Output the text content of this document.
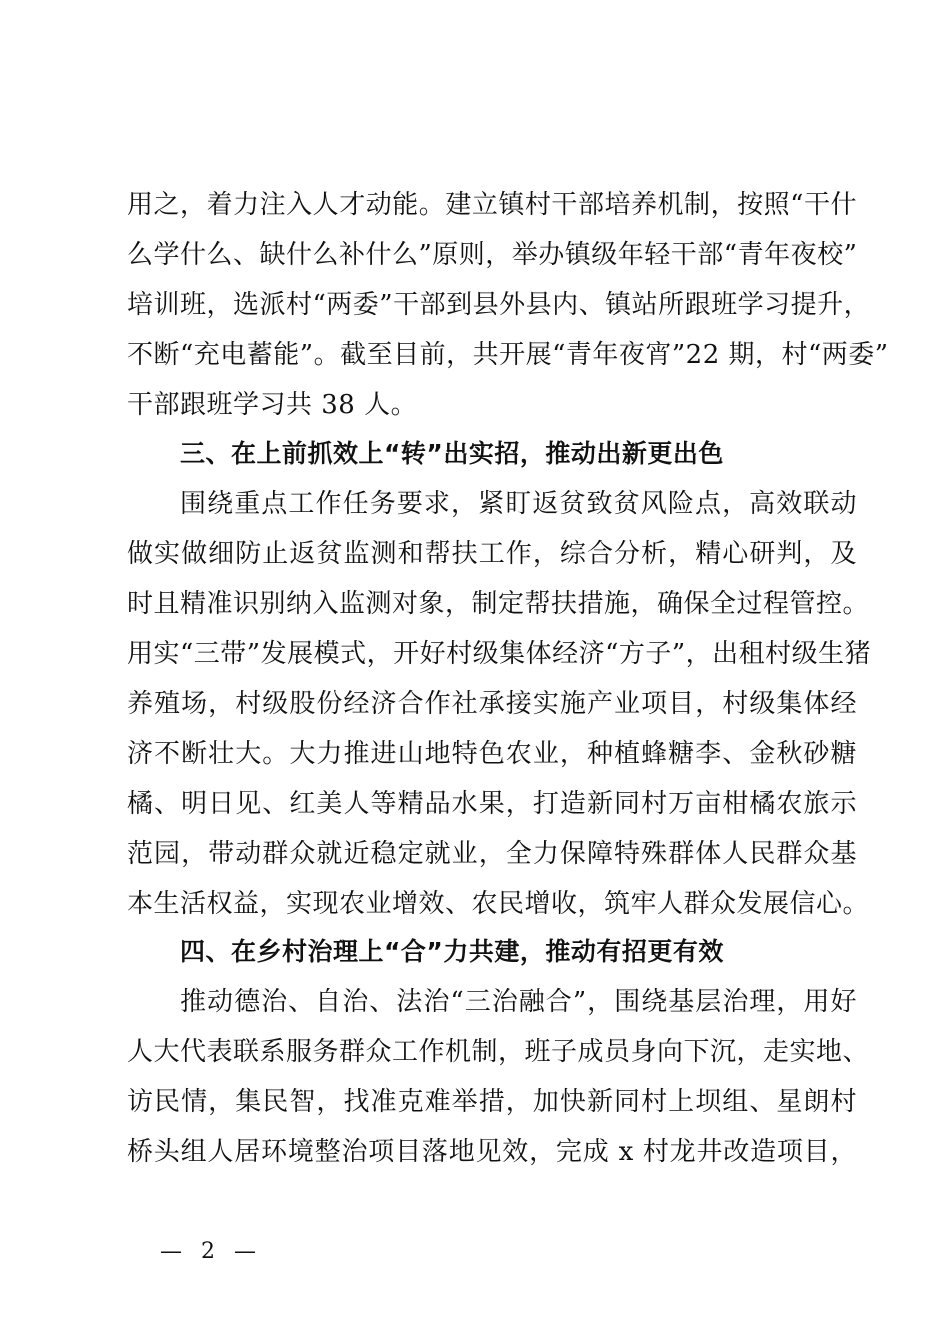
用之，着力注入人才动能。建立镇村干部培养机制，按照“干什
么学什么、缺什么补什么”原则，举办镇级年轻干部“青年夜校”
培训班，选派村“两委”干部到县外县内、镇站所跟班学习提升，
不断“充电蓄能”。截至目前，共开展“青年夜宵”22 期，村“两委”
干部跟班学习共 38 人。
三、在上前抓效上“转”出实招，推动出新更出色
围绕重点工作任务要求，紧盯返贫致贫风险点，高效联动
做实做细防止返贫监测和帮扶工作，综合分析，精心研判，及
时且精准识别纳入监测对象，制定帮扶措施，确保全过程管控。
用实“三带”发展模式，开好村级集体经济“方子”，出租村级生猪
养殖场，村级股份经济合作社承接实施产业项目，村级集体经
济不断壮大。大力推进山地特色农业，种植蜂糖李、金秋砂糖
橘、明日见、红美人等精品水果，打造新同村万亩柑橘农旅示
范园，带动群众就近稳定就业，全力保障特殊群体人民群众基
本生活权益，实现农业增效、农民增收，筑牢人群众发展信心。
四、在乡村治理上“合”力共建，推动有招更有效
推动德治、自治、法治“三治融合”，围绕基层治理，用好
人大代表联系服务群众工作机制，班子成员身向下沉，走实地、
访民情，集民智，找准克难举措，加快新同村上坝组、星朗村
桥头组人居环境整治项目落地见效，完成 x 村龙井改造项目，
— 2 —
